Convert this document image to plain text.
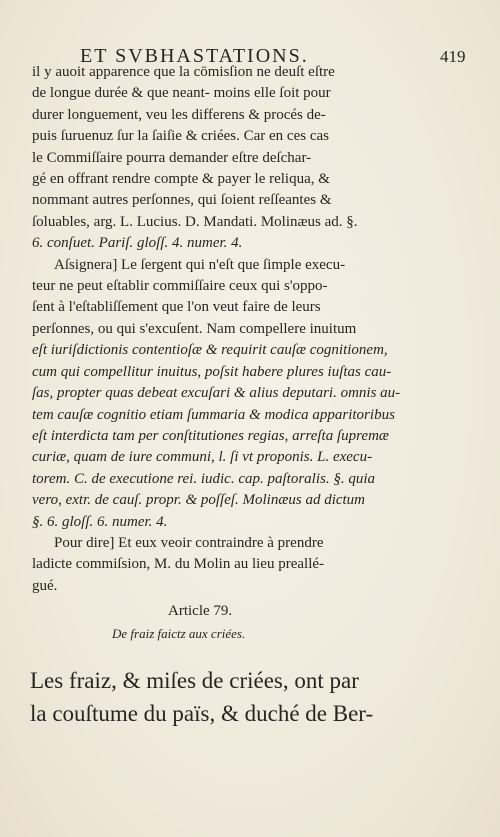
ET SVBHASTATIONS.	419
il y auoit apparence que la cōmisſion ne deuſt eſtre
de longue durée & que neant- moins elle ſoit pour
durer longuement, veu les differens & procés de-
puis ſuruenuz ſur la ſaiſie & criées. Car en ces cas
le Commiſſaire pourra demander eſtre deſchar-
gé en offrant rendre compte & payer le reliqua, &
nommant autres perſonnes, qui ſoient reſſeantes &
ſoluables, arg. L. Lucius. D. Mandati. Molinæus ad. §.
6. conſuet. Pariſ. gloſſ. 4. numer. 4.
Aſsignera] Le ſergent qui n'eſt que ſimple execu-
teur ne peut eſtablir commiſſaire ceux qui s'oppo-
ſent à l'eſtabliſſement que l'on veut faire de leurs
perſonnes, ou qui s'excuſent. Nam compellere inuitum
eſt iuriſdictionis contentioſæ & requirit cauſæ cognitionem,
cum qui compellitur inuitus, poſsit habere plures iuſtas cau-
ſas, propter quas debeat excuſari & alius deputari. omnis au-
tem cauſæ cognitio etiam ſummaria & modica apparitoribus
eſt interdicta tam per conſtitutiones regias, arreſta ſupremæ
curiæ, quam de iure communi, l. ſi vt proponis. L. execu-
torem. C. de executione rei. iudic. cap. paſtoralis. §. quia
vero, extr. de cauſ. propr. & poſſeſ. Molinæus ad dictum
§. 6. gloſſ. 6. numer. 4.
Pour dire] Et eux veoir contraindre à prendre
ladicte commiſsion, M. du Molin au lieu preallé-
gué.
Article 79.
De fraiz faictz aux criées.
Les fraiz, & miſes de criées, ont par
la couſtume du païs, & duché de Ber-
